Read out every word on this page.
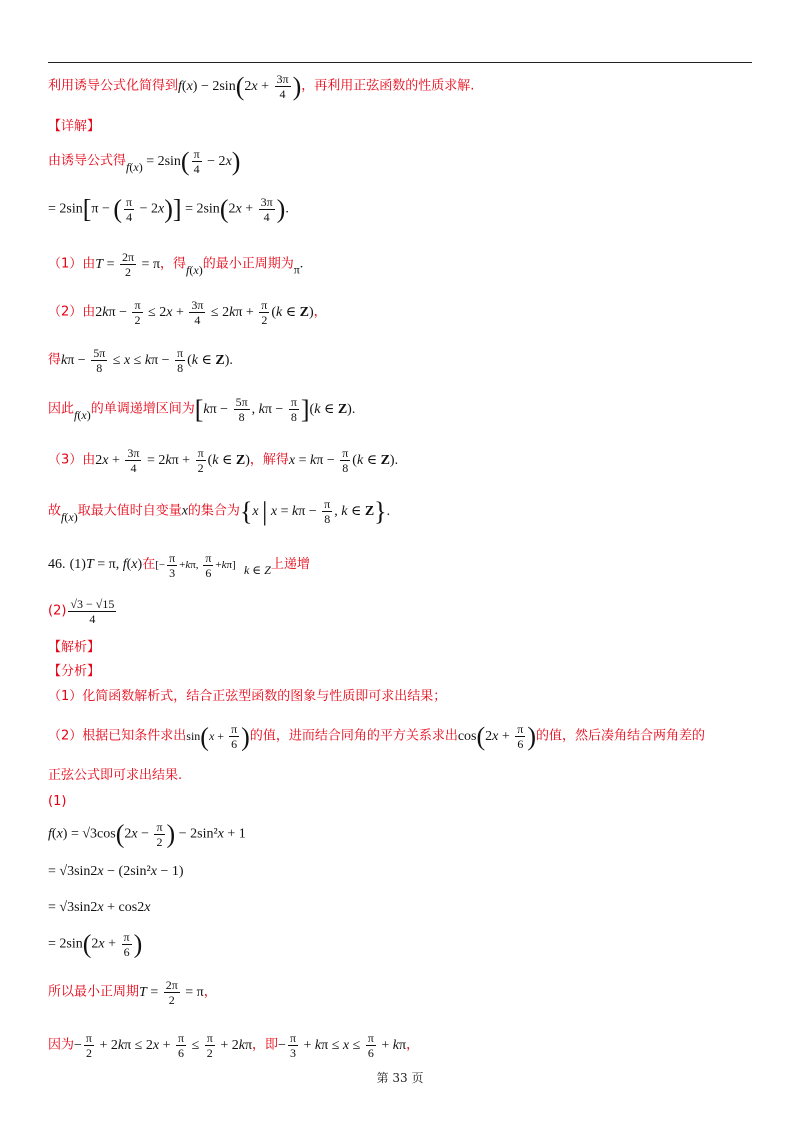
利用诱导公式化简得到$f(x) - 2\sin(2x + \frac{3\pi}{4}$ )，再利用正弦函数的性质求解.
【详解】
由诱导公式得$f(x) = 2\sin( \frac{\pi}{4} - 2x)$
= 2sin[π − ( $\frac{\pi}{4} - 2x)] = 2\sin(2x + \frac{3\pi}{4}$ ).
（1）由$T = \frac{2\pi}{2} = \pi$，得f(x)的最小正周期为π.
（2）由$2k\pi - \frac{\pi}{2} \le 2x + \frac{3\pi}{4} \le 2k\pi + \frac{\pi}{2} (k$ ∈ Z)，
得$k\pi - \frac{5\pi}{8} \le x \le k\pi - \frac{\pi}{8} (k$ ∈ Z).
因此f(x)的单调递增区间为[$k\pi - \frac{5\pi}{8}$ , $k\pi - \frac{\pi}{8} ](k$ ∈ Z).
（3）由$2x + \frac{3\pi}{4} = 2k\pi + \frac{\pi}{2} (k$ ∈ Z)，解得$x = k\pi - \frac{\pi}{8} (k$ ∈ Z).
故f(x)取最大值时自变量x的集合为{x | $x = k\pi - \frac{\pi}{8}$ , k ∈ Z}.
46. (1)T = π, f(x)在[− $\frac{\pi}{3} +k\pi$, $\frac{\pi}{6} +k\pi$] k ∈ Z上递增
$(2) \frac{√3 - √15}{4}$
【解析】
【分析】
（1）化简函数解析式，结合正弦型函数的图象与性质即可求出结果；
（2）根据已知条件求出$\sin(x + \frac{\pi}{6}$ )的值，进而结合同角的平方关系求出$\cos(2x + \frac{\pi}{6}$ )的值，然后凑角结合两角差的
正弦公式即可求出结果.
(1)
$f(x) = √3\cos(2x - \frac{\pi}{2}$ ) − 2sin²x + 1
= √3sin2x − (2sin²x − 1)
= √3sin2x + cos2x
= $2\sin(2x + \frac{\pi}{6}$ )
所以最小正周期$T = \frac{2\pi}{2} = \pi$，
因为− $\frac{\pi}{2} + 2k\pi \le 2x + \frac{\pi}{6} \le \frac{\pi}{2} + 2k\pi$，即− $\frac{\pi}{3} + k\pi \le x \le \frac{\pi}{6} + k\pi$，
第 33 页
